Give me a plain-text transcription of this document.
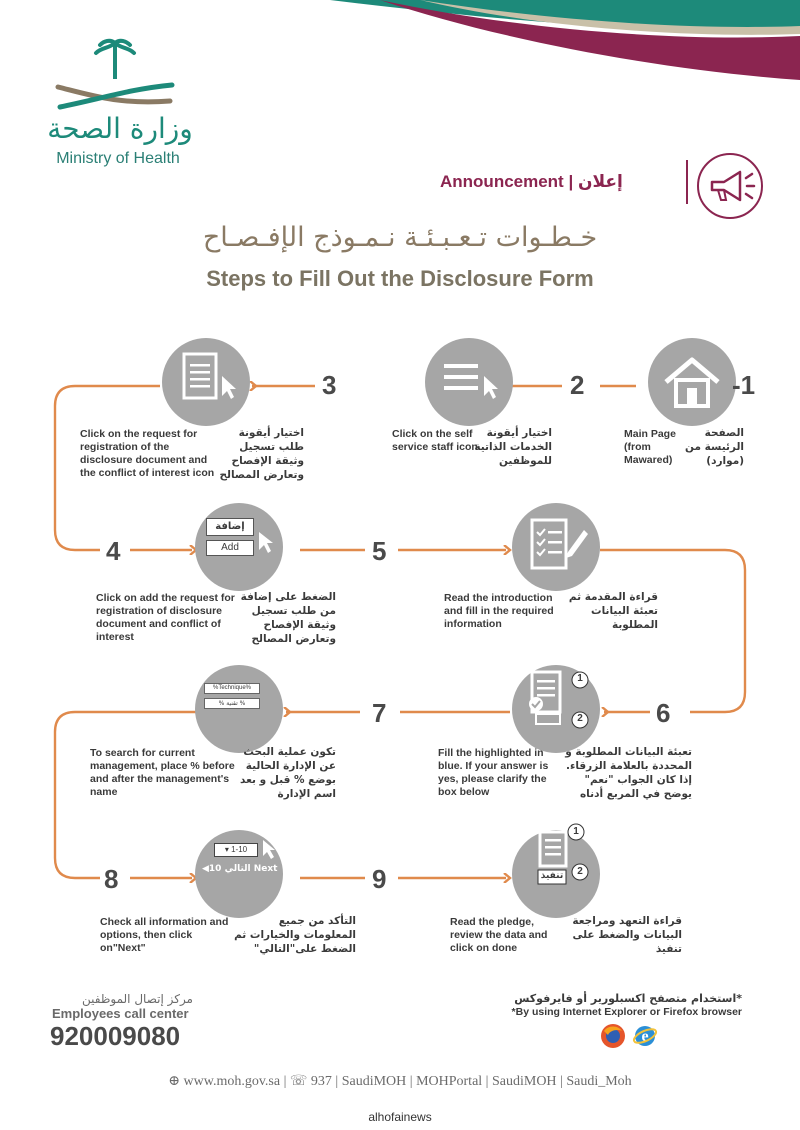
وزارة الصحة
Ministry of Health
Announcement | إعلان
خـطـوات تـعـبـئـة نـمـوذج الإفـصـاح
Steps to Fill Out the Disclosure Form
-1
Main Page (from Mawared)
الصفحة الرئيسة من (موارد)
2
Click on the self service staff icon
اختيار أيقونة الخدمات الذاتية للموظفين
3
Click on the request for registration of the disclosure document and the conflict of interest icon
اختيار أيقونة طلب تسجيل وثيقة الإفصاح وتعارض المصالح
إضافة
Add
4
Click on add the request for registration of disclosure document and conflict of interest
الضغط على إضافة من طلب تسجيل وثيقة الإفصاح وتعارض المصالح
5
Read the introduction and fill in the required information
قراءة المقدمة ثم تعبئة البيانات المطلوبة
1
2	6
Fill the highlighted in blue. If your answer is yes, please clarify the box below
تعبئة البيانات المطلوبة و المحددة بالعلامة الزرقاء. إذا كان الجواب "نعم" يوضح في المربع أدناه
%Technique%
% تقنية %	7
To search for current management, place % before and after the management's name
تكون عملية البحث عن الإدارة الحالية بوضع % قبل و بعد اسم الإدارة
▾ 1-10
◀التالي 10 Next
8
Check all information and options, then click on"Next"
التأكد من جميع المعلومات والخيارات ثم الضغط على"التالي"
1
2
تنفيذ
9
Read the pledge, review the data and click on done
قراءة التعهد ومراجعة البيانات والضغط على تنفيذ
مركز إتصال الموظفين
Employees call center
920009080
*استخدام متصفح اكسبلورير أو فايرفوكس
*By using Internet Explorer or Firefox browser
e
⊕ www.moh.gov.sa | ☏ 937 | SaudiMOH | MOHPortal | SaudiMOH | Saudi_Moh
alhofainews
